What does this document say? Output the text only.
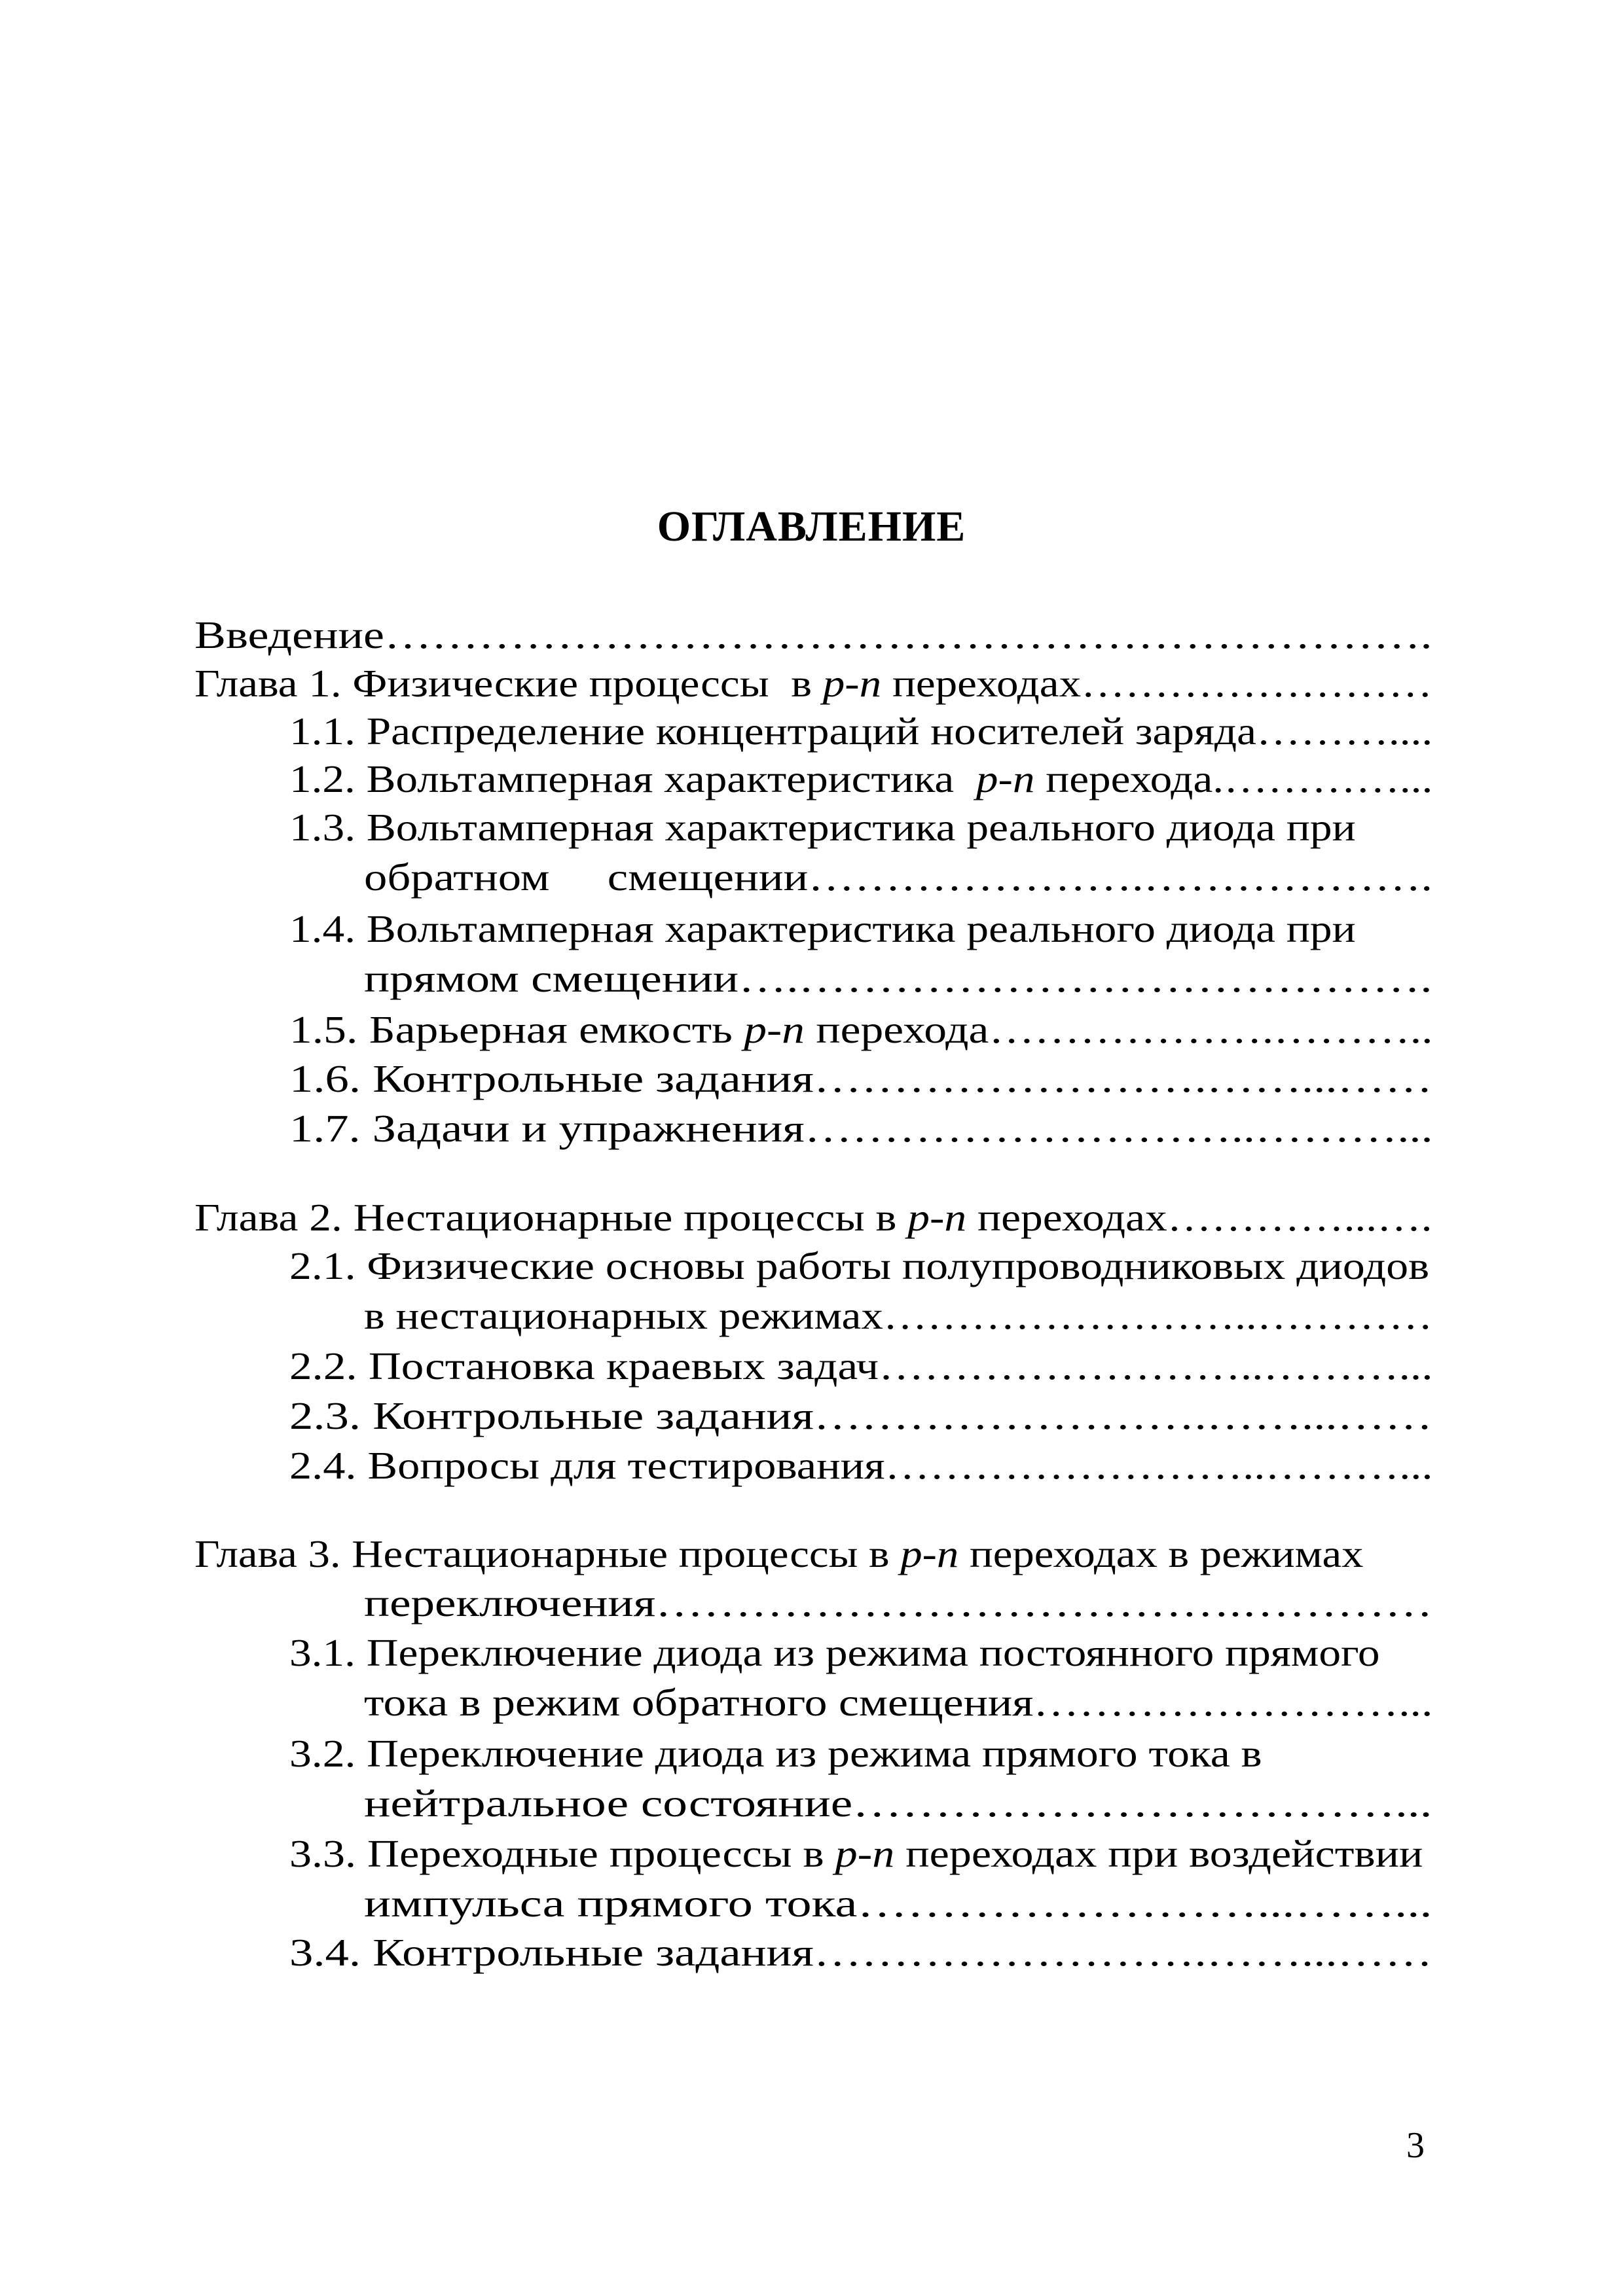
ОГЛАВЛЕНИЕ
Введение………………………………………………………….
Глава 1. Физические процессы  в p-n переходах……………………
1.1. Распределение концентраций носителей заряда………....
1.2. Вольтамперная характеристика  p-n перехода.…………...
1.3. Вольтамперная характеристика реального диода при
обратном     смещении………………….……………….
1.4. Вольтамперная характеристика реального диода при
прямом смещении….………………………………….
1.5. Барьерная емкость p-n перехода……………….………..
1.6. Контрольные задания…………………….……...……
1.7. Задачи и упражнения………………………..………...
Глава 2. Нестационарные процессы в p-n переходах…………...….
2.1. Физические основы работы полупроводниковых диодов
в нестационарных режимах……………………..…………
2.2. Постановка краевых задач……………………..………...
2.3. Контрольные задания…………………….……...……
2.4. Вопросы для тестирования……………………..………...
Глава 3. Нестационарные процессы в p-n переходах в режимах
переключения……………………………….…………
3.1. Переключение диода из режима постоянного прямого
тока в режим обратного смещения……………………...
3.2. Переключение диода из режима прямого тока в
нейтральное состояние……………………………...
3.3. Переходные процессы в p-n переходах при воздействии
импульса прямого тока……………………...……...
3.4. Контрольные задания…………………….……...……

3
